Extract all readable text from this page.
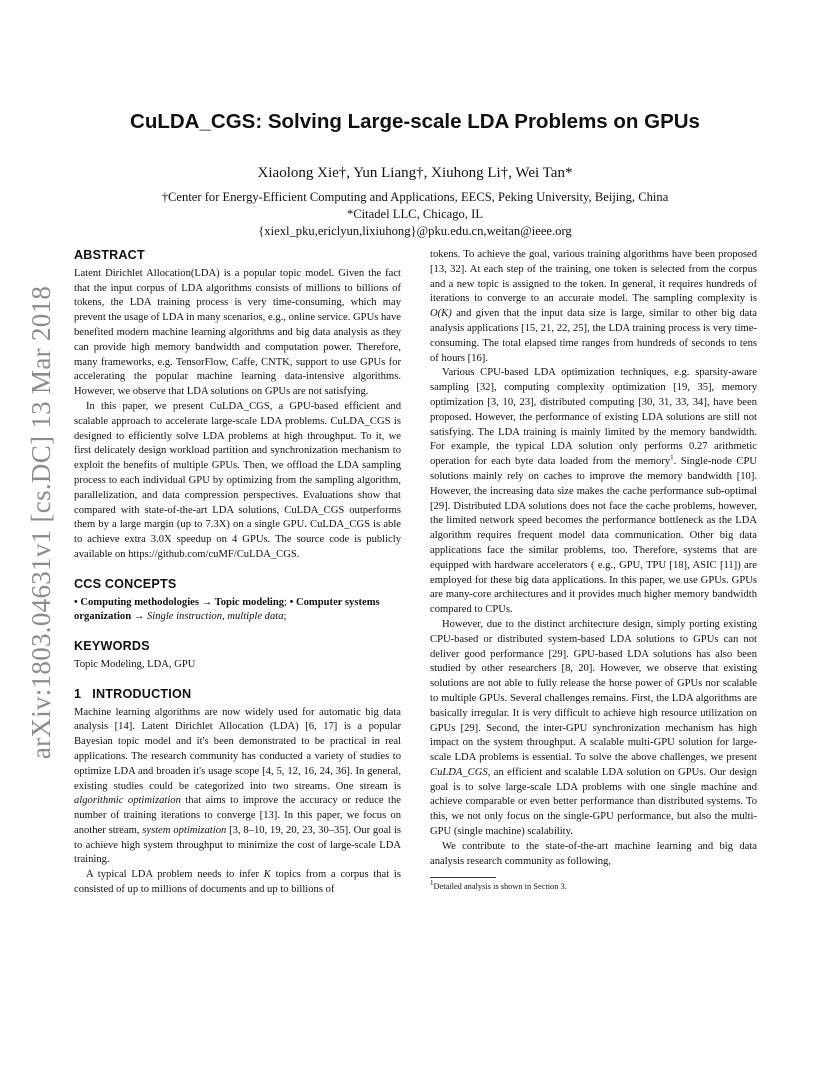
arXiv:1803.04631v1 [cs.DC] 13 Mar 2018
CuLDA_CGS: Solving Large-scale LDA Problems on GPUs

Xiaolong Xie†, Yun Liang†, Xiuhong Li†, Wei Tan*

†Center for Energy-Efficient Computing and Applications, EECS, Peking University, Beijing, China

*Citadel LLC, Chicago, IL

{xiexl_pku,ericlyun,lixiuhong}@pku.edu.cn,weitan@ieee.org

ABSTRACT

Latent Dirichlet Allocation(LDA) is a popular topic model. Given the fact that the input corpus of LDA algorithms consists of millions to billions of tokens, the LDA training process is very time-consuming, which may prevent the usage of LDA in many scenarios, e.g., online service. GPUs have benefited modern machine learning algorithms and big data analysis as they can provide high memory bandwidth and computation power. Therefore, many frameworks, e.g. TensorFlow, Caffe, CNTK, support to use GPUs for accelerating the popular machine learning data-intensive algorithms. However, we observe that LDA solutions on GPUs are not satisfying.

In this paper, we present CuLDA_CGS, a GPU-based efficient and scalable approach to accelerate large-scale LDA problems. CuLDA_CGS is designed to efficiently solve LDA problems at high throughput. To it, we first delicately design workload partition and synchronization mechanism to exploit the benefits of multiple GPUs. Then, we offload the LDA sampling process to each individual GPU by optimizing from the sampling algorithm, parallelization, and data compression perspectives. Evaluations show that compared with state-of-the-art LDA solutions, CuLDA_CGS outperforms them by a large margin (up to 7.3X) on a single GPU. CuLDA_CGS is able to achieve extra 3.0X speedup on 4 GPUs. The source code is publicly available on https://github.com/cuMF/CuLDA_CGS.

CCS CONCEPTS

• Computing methodologies → Topic modeling; • Computer systems organization → Single instruction, multiple data;

KEYWORDS

Topic Modeling, LDA, GPU

1   INTRODUCTION

Machine learning algorithms are now widely used for automatic big data analysis [14]. Latent Dirichlet Allocation (LDA) [6, 17] is a popular Bayesian topic model and it's been demonstrated to be practical in real applications. The research community has conducted a variety of studies to optimize LDA and broaden it's usage scope [4, 5, 12, 16, 24, 36]. In general, existing studies could be categorized into two streams. One stream is algorithmic optimization that aims to improve the accuracy or reduce the number of training iterations to converge [13]. In this paper, we focus on another stream, system optimization [3, 8–10, 19, 20, 23, 30–35]. Our goal is to achieve high system throughput to minimize the cost of large-scale LDA training.

A typical LDA problem needs to infer K topics from a corpus that is consisted of up to millions of documents and up to billions of

tokens. To achieve the goal, various training algorithms have been proposed [13, 32]. At each step of the training, one token is selected from the corpus and a new topic is assigned to the token. In general, it requires hundreds of iterations to converge to an accurate model. The sampling complexity is O(K) and given that the input data size is large, similar to other big data analysis applications [15, 21, 22, 25], the LDA training process is very time-consuming. The total elapsed time ranges from hundreds of seconds to tens of hours [16].

Various CPU-based LDA optimization techniques, e.g. sparsity-aware sampling [32], computing complexity optimization [19, 35], memory optimization [3, 10, 23], distributed computing [30, 31, 33, 34], have been proposed. However, the performance of existing LDA solutions are still not satisfying. The LDA training is mainly limited by the memory bandwidth. For example, the typical LDA solution only performs 0.27 arithmetic operation for each byte data loaded from the memory$^1$. Single-node CPU solutions mainly rely on caches to improve the memory bandwidth [10]. However, the increasing data size makes the cache performance sub-optimal [29]. Distributed LDA solutions does not face the cache problems, however, the limited network speed becomes the performance bottleneck as the LDA algorithm requires frequent model data communication. Other big data applications face the similar problems, too. Therefore, systems that are equipped with hardware accelerators ( e.g., GPU, TPU [18], ASIC [11]) are employed for these big data applications. In this paper, we use GPUs. GPUs are many-core architectures and it provides much higher memory bandwidth compared to CPUs.

However, due to the distinct architecture design, simply porting existing CPU-based or distributed system-based LDA solutions to GPUs can not deliver good performance [29]. GPU-based LDA solutions has also been studied by other researchers [8, 20]. However, we observe that existing solutions are not able to fully release the horse power of GPUs nor scalable to multiple GPUs. Several challenges remains. First, the LDA algorithms are basically irregular. It is very difficult to achieve high resource utilization on GPUs [29]. Second, the inter-GPU synchronization mechanism has high impact on the system throughput. A scalable multi-GPU solution for large-scale LDA problems is essential. To solve the above challenges, we present CuLDA_CGS, an efficient and scalable LDA solution on GPUs. Our design goal is to solve large-scale LDA problems with one single machine and achieve comparable or even better performance than distributed systems. To this, we not only focus on the single-GPU performance, but also the multi-GPU (single machine) scalability.

We contribute to the state-of-the-art machine learning and big data analysis research community as following,

$^1$Detailed analysis is shown in Section 3.
